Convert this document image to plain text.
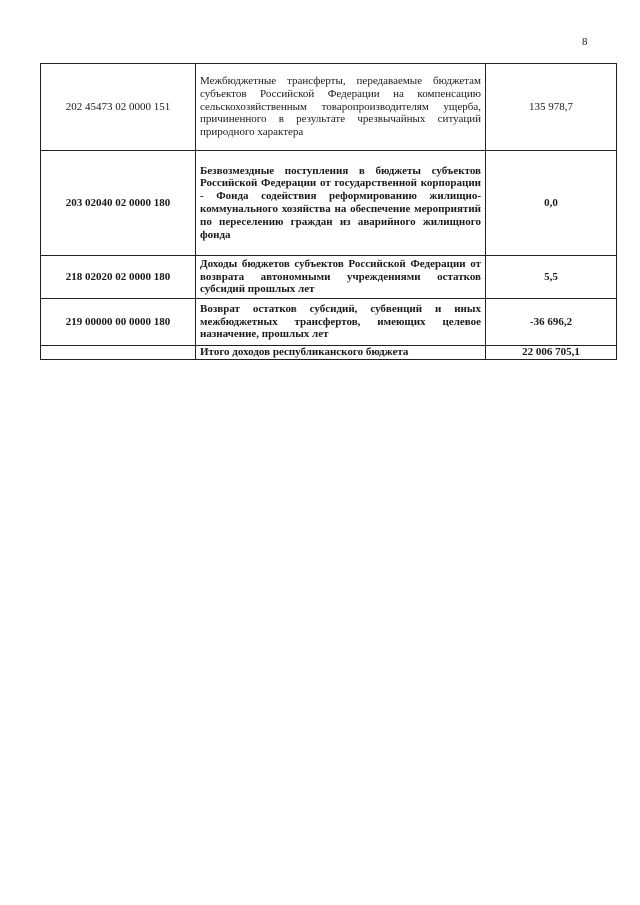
8
202 45473 02 0000 151	Межбюджетные трансферты, передаваемые бюджетам субъектов Российской Федерации на компенсацию сельскохозяйственным товаропроизводителям ущерба, причиненного в результате чрезвычайных ситуаций природного характера	135 978,7
203 02040 02 0000 180	Безвозмездные поступления в бюджеты субъектов Российской Федерации от государственной корпорации - Фонда содействия реформированию жилищно-коммунального хозяйства на обеспечение мероприятий по переселению граждан из аварийного жилищного фонда	0,0
218 02020 02 0000 180	Доходы бюджетов субъектов Российской Федерации от возврата автономными учреждениями остатков субсидий прошлых лет	5,5
219 00000 00 0000 180	Возврат остатков субсидий, субвенций и иных межбюджетных трансфертов, имеющих целевое назначение, прошлых лет	-36 696,2
	Итого доходов республиканского бюджета	22 006 705,1
